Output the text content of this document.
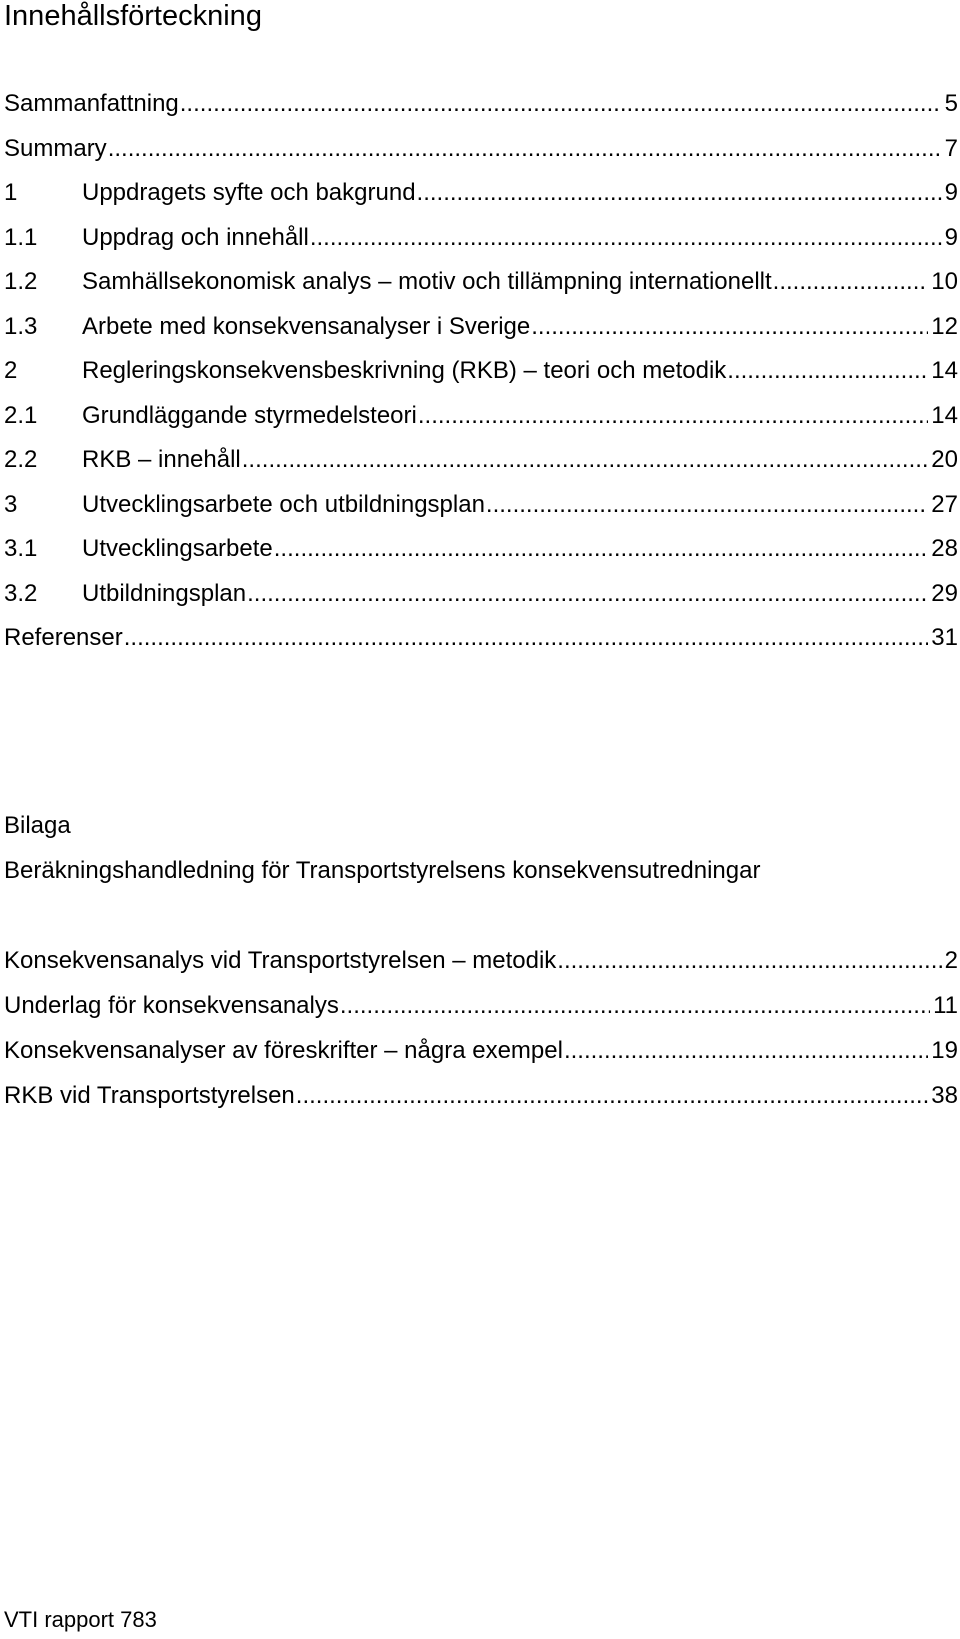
Innehållsförteckning
Sammanfattning .....	5
Summary .....	7
1	Uppdragets syfte och bakgrund .....	9
1.1	Uppdrag och innehåll .....	9
1.2	Samhällsekonomisk analys – motiv och tillämpning internationellt .....	10
1.3	Arbete med konsekvensanalyser i Sverige .....	12
2	Regleringskonsekvensbeskrivning (RKB) – teori och metodik .....	14
2.1	Grundläggande styrmedelsteori .....	14
2.2	RKB – innehåll .....	20
3	Utvecklingsarbete och utbildningsplan .....	27
3.1	Utvecklingsarbete .....	28
3.2	Utbildningsplan .....	29
Referenser .....	31
Bilaga
Beräkningshandledning för Transportstyrelsens konsekvensutredningar
Konsekvensanalys vid Transportstyrelsen – metodik .....	2
Underlag för konsekvensanalys .....	11
Konsekvensanalyser av föreskrifter – några exempel .....	19
RKB vid Transportstyrelsen .....	38
VTI rapport 783
